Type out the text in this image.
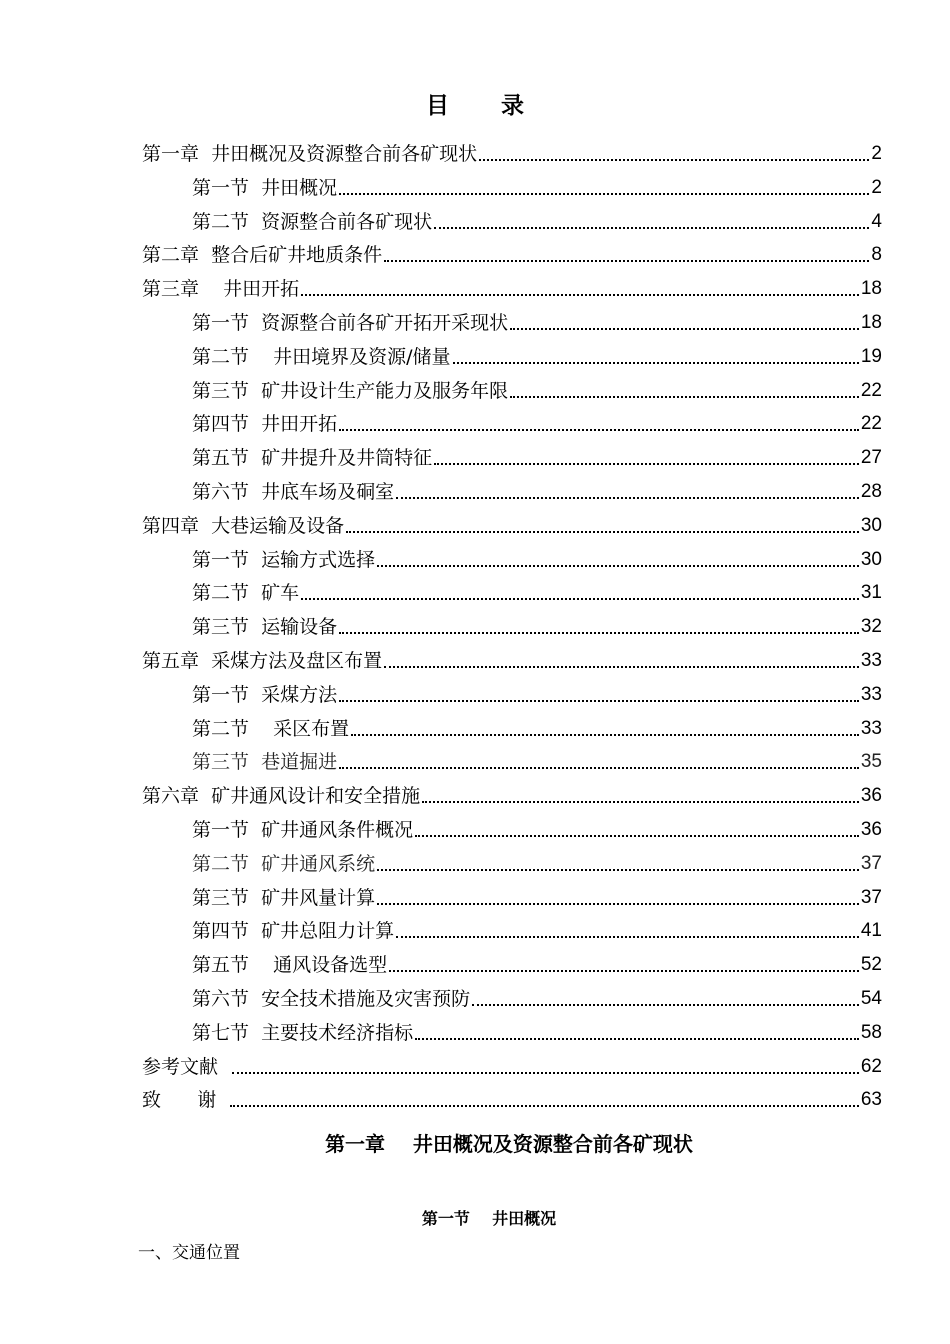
目 录
第一章  井田概况及资源整合前各矿现状	2
第一节  井田概况	2
第二节  资源整合前各矿现状	4
第二章  整合后矿井地质条件	8
第三章    井田开拓	18
第一节  资源整合前各矿开拓开采现状	18
第二节    井田境界及资源/储量	19
第三节  矿井设计生产能力及服务年限	22
第四节  井田开拓	22
第五节  矿井提升及井筒特征	27
第六节  井底车场及硐室	28
第四章  大巷运输及设备	30
第一节  运输方式选择	30
第二节  矿车	31
第三节  运输设备	32
第五章  采煤方法及盘区布置	33
第一节  采煤方法	33
第二节    采区布置	33
第三节  巷道掘进	35
第六章  矿井通风设计和安全措施	36
第一节  矿井通风条件概况	36
第二节  矿井通风系统	37
第三节  矿井风量计算	37
第四节  矿井总阻力计算	41
第五节    通风设备选型	52
第六节  安全技术措施及灾害预防	54
第七节  主要技术经济指标	58
参考文献	62
致      谢	63
第一章    井田概况及资源整合前各矿现状
第一节    井田概况
一、交通位置
